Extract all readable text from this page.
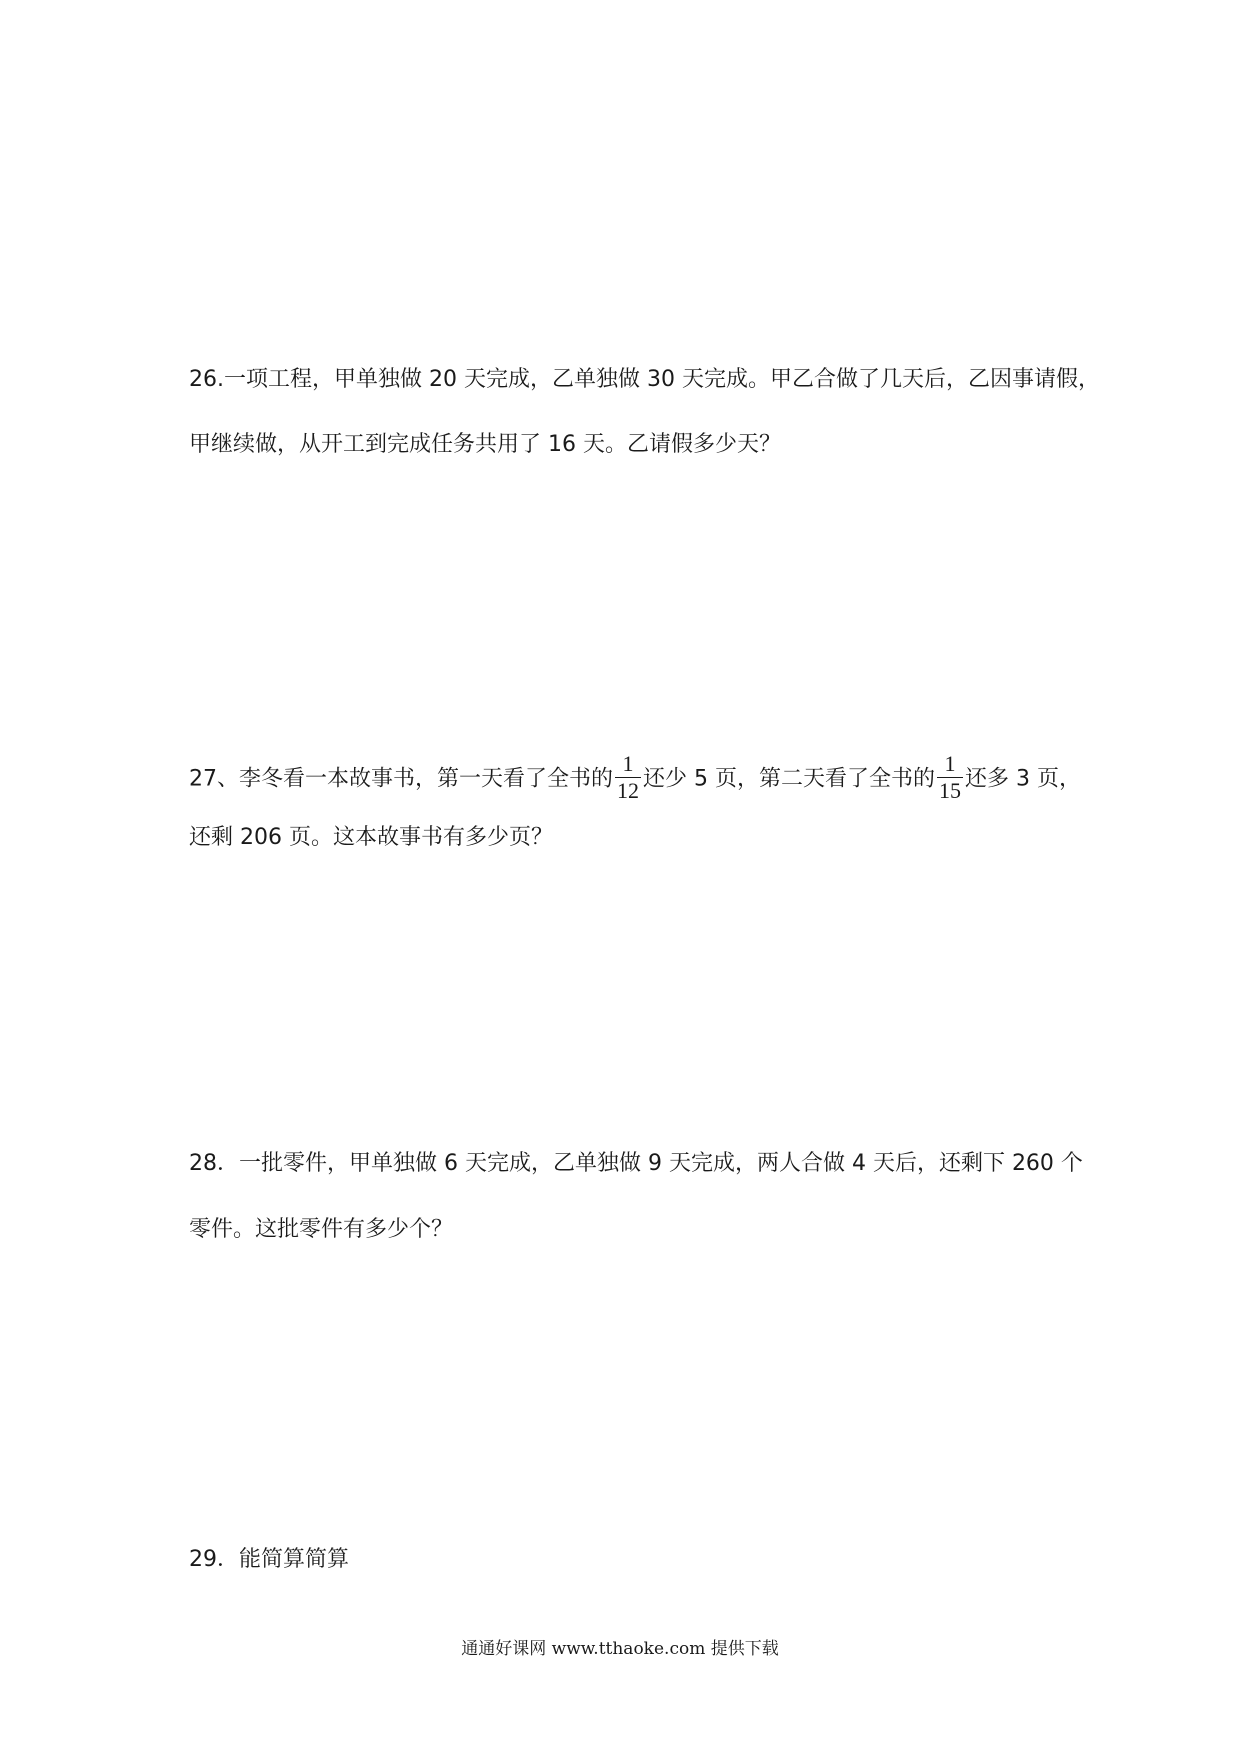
26.一项工程，甲单独做 20 天完成，乙单独做 30 天完成。甲乙合做了几天后，乙因事请假，
甲继续做，从开工到完成任务共用了 16 天。乙请假多少天？
27、李冬看一本故事书，第一天看了全书的 $\frac{1}{12}$ 还少 5 页，第二天看了全书的 $\frac{1}{15}$ 还多 3 页，
还剩 206 页。这本故事书有多少页？
28．一批零件，甲单独做 6 天完成，乙单独做 9 天完成，两人合做 4 天后，还剩下 260 个
零件。这批零件有多少个？
29．能简算简算
通通好课网 www.tthaoke.com 提供下载
